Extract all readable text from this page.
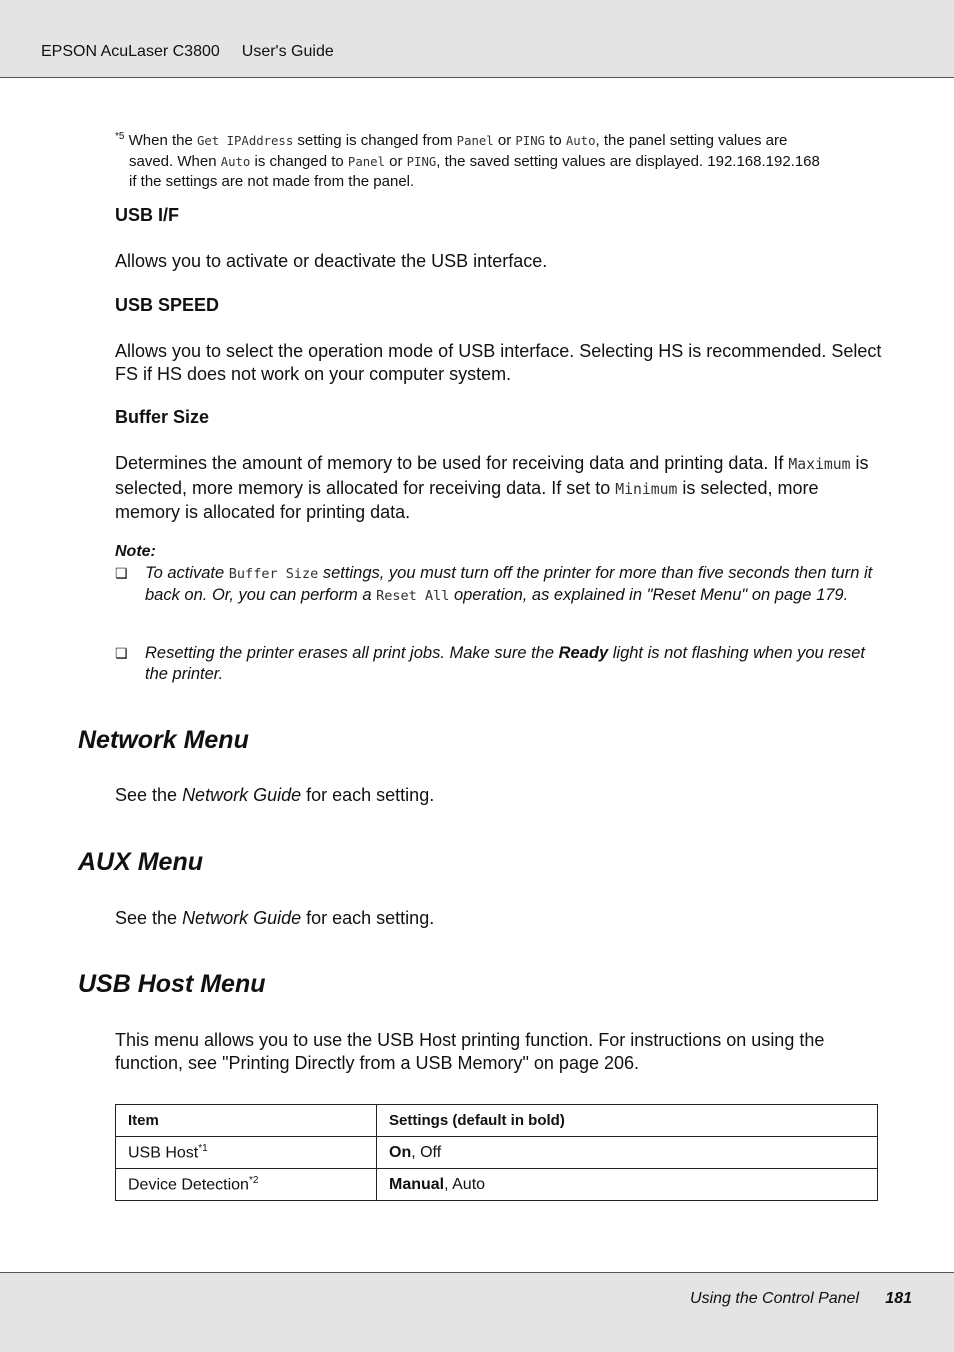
EPSON AcuLaser C3800 User's Guide
$^{*5}$ When the Get IPAddress setting is changed from Panel or PING to Auto, the panel setting values are
saved. When Auto is changed to Panel or PING, the saved setting values are displayed. 192.168.192.168
if the settings are not made from the panel.
USB I/F
Allows you to activate or deactivate the USB interface.
USB SPEED
Allows you to select the operation mode of USB interface. Selecting HS is recommended. Select FS if HS does not work on your computer system.
Buffer Size
Determines the amount of memory to be used for receiving data and printing data. If Maximum is selected, more memory is allocated for receiving data. If set to Minimum is selected, more memory is allocated for printing data.
Note:
❏ To activate Buffer Size settings, you must turn off the printer for more than five seconds then turn it back on. Or, you can perform a Reset All operation, as explained in "Reset Menu" on page 179.
❏ Resetting the printer erases all print jobs. Make sure the Ready light is not flashing when you reset the printer.
Network Menu
See the Network Guide for each setting.
AUX Menu
See the Network Guide for each setting.
USB Host Menu
This menu allows you to use the USB Host printing function. For instructions on using the function, see "Printing Directly from a USB Memory" on page 206.
Item	Settings (default in bold)
USB Host$^{*1}$	On, Off
Device Detection$^{*2}$	Manual, Auto
Using the Control Panel 181
